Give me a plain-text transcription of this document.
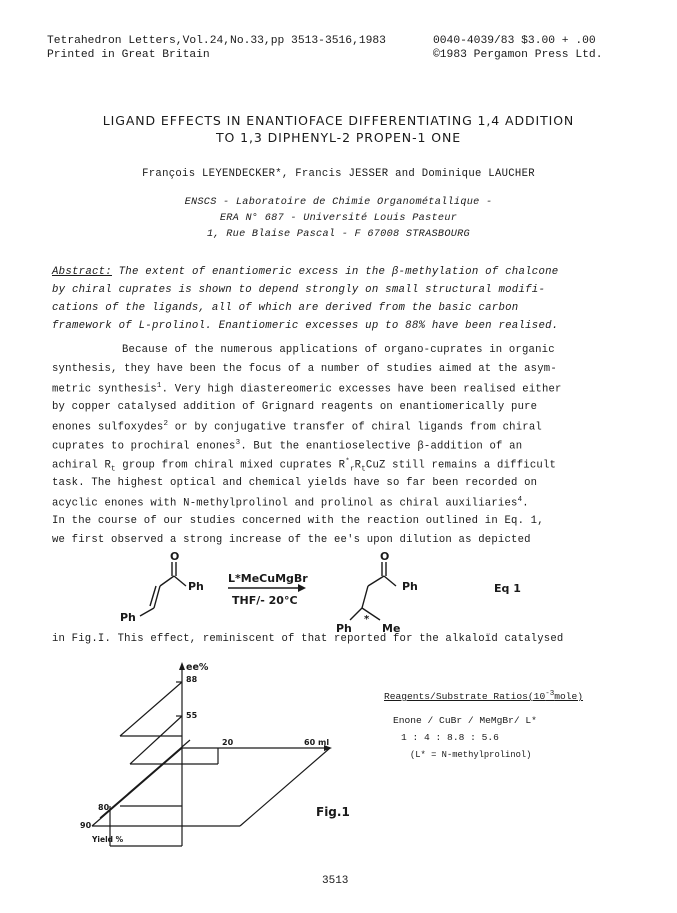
Tetrahedron Letters,Vol.24,No.33,pp 3513-3516,1983
Printed in Great Britain
0040-4039/83 $3.00 + .00
©1983 Pergamon Press Ltd.
LIGAND EFFECTS IN ENANTIOFACE DIFFERENTIATING 1,4 ADDITION
TO 1,3 DIPHENYL-2 PROPEN-1 ONE
François LEYENDECKER*, Francis JESSER and Dominique LAUCHER
ENSCS - Laboratoire de Chimie Organométallique -
ERA N° 687 - Université Louis Pasteur
1, Rue Blaise Pascal - F 67008 STRASBOURG
Abstract: The extent of enantiomeric excess in the β-methylation of chalcone
by chiral cuprates is shown to depend strongly on small structural modifi-
cations of the ligands, all of which are derived from the basic carbon
framework of L-prolinol. Enantiomeric excesses up to 88% have been realised.
Because of the numerous applications of organo-cuprates in organic
synthesis, they have been the focus of a number of studies aimed at the asym-
metric synthesis$^1$. Very high diastereomeric excesses have been realised either
by copper catalysed addition of Grignard reagents on enantiomerically pure
enones sulfoxydes$^2$ or by conjugative transfer of chiral ligands from chiral
cuprates to prochiral enones$^3$. But the enantioselective β-addition of an
achiral $R_t$ group from chiral mixed cuprates $R^*_rR_tCuZ$ still remains a difficult
task. The highest optical and chemical yields have so far been recorded on
acyclic enones with N-methylprolinol and prolinol as chiral auxiliaries$^4$.
In the course of our studies concerned with the reaction outlined in Eq. 1,
we first observed a strong increase of the ee's upon dilution as depicted
O
Ph
Ph
L*MeCuMgBr
THF/- 20°C
O
Ph
Ph
*
Me
Eq 1
in Fig.I. This effect, reminiscent of that reported for the alkaloïd catalysed
ee%
88
55
20	60 ml
80
90
Yield %
Fig.1
Reagents/Substrate $Ratios(10^{-3}mole)$
Enone / CuBr / MeMgBr/ L*
1 : 4 : 8.8 : 5.6
(L* = N-methylprolinol)
3513
